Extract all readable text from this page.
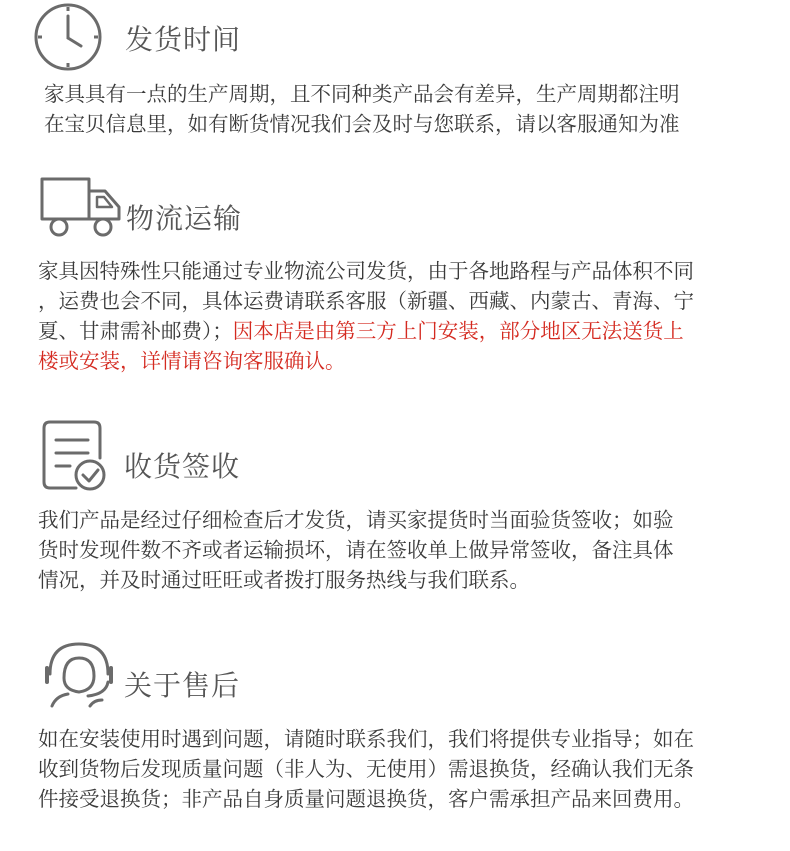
发货时间
家具具有一点的生产周期，且不同种类产品会有差异，生产周期都注明
在宝贝信息里，如有断货情况我们会及时与您联系，请以客服通知为准
物流运输
家具因特殊性只能通过专业物流公司发货，由于各地路程与产品体积不同
，运费也会不同，具体运费请联系客服（新疆、西藏、内蒙古、青海、宁
夏、甘肃需补邮费）；因本店是由第三方上门安装，部分地区无法送货上
楼或安装，详情请咨询客服确认。
收货签收
我们产品是经过仔细检查后才发货，请买家提货时当面验货签收；如验
货时发现件数不齐或者运输损坏，请在签收单上做异常签收，备注具体
情况，并及时通过旺旺或者拨打服务热线与我们联系。
关于售后
如在安装使用时遇到问题，请随时联系我们，我们将提供专业指导；如在
收到货物后发现质量问题（非人为、无使用）需退换货，经确认我们无条
件接受退换货；非产品自身质量问题退换货，客户需承担产品来回费用。
